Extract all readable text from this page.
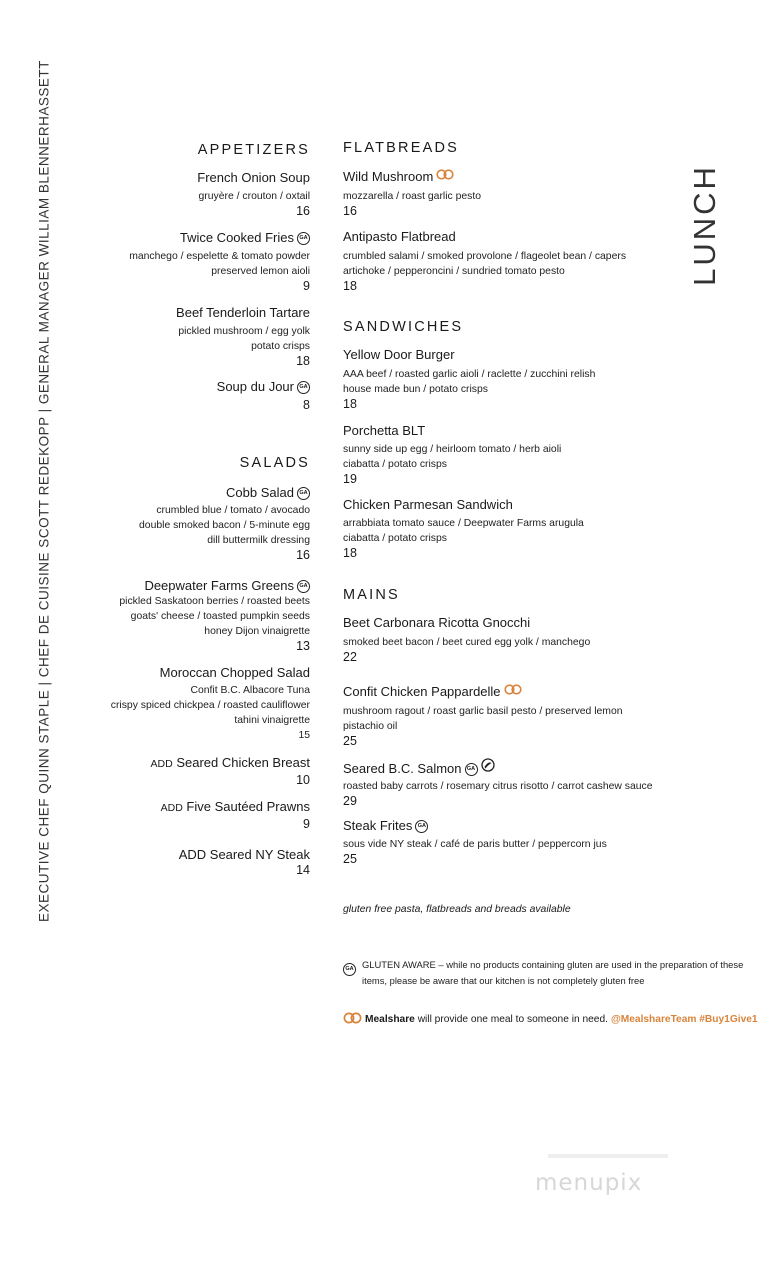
EXECUTIVE CHEF QUINN STAPLE | CHEF DE CUISINE SCOTT REDEKOPP | GENERAL MANAGER WILLIAM BLENNERHASSETT	LUNCH
APPETIZERS
French Onion Soup
gruyère / crouton / oxtail
16
Twice Cooked Fries GA
manchego / espelette & tomato powder
preserved lemon aioli
9
Beef Tenderloin Tartare
pickled mushroom / egg yolk
potato crisps
18
Soup du Jour GA
8
SALADS
Cobb Salad GA
crumbled blue / tomato / avocado
double smoked bacon / 5-minute egg
dill buttermilk dressing
16
Deepwater Farms Greens GA
pickled Saskatoon berries / roasted beets
goats' cheese / toasted pumpkin seeds
honey Dijon vinaigrette
13
Moroccan Chopped Salad
Confit B.C. Albacore Tuna
crispy spiced chickpea / roasted cauliflower
tahini vinaigrette
15
ADD Seared Chicken Breast
10
ADD Five Sautéed Prawns
9
ADD Seared NY Steak
14
FLATBREADS
Wild Mushroom
mozzarella / roast garlic pesto
16
Antipasto Flatbread
crumbled salami / smoked provolone / flageolet bean / capers
artichoke / pepperoncini / sundried tomato pesto
18
SANDWICHES
Yellow Door Burger
AAA beef / roasted garlic aioli / raclette / zucchini relish
house made bun / potato crisps
18
Porchetta BLT
sunny side up egg / heirloom tomato / herb aioli
ciabatta / potato crisps
19
Chicken Parmesan Sandwich
arrabbiata tomato sauce / Deepwater Farms arugula
ciabatta / potato crisps
18
MAINS
Beet Carbonara Ricotta Gnocchi
smoked beet bacon / beet cured egg yolk / manchego
22
Confit Chicken Pappardelle
mushroom ragout / roast garlic basil pesto / preserved lemon
pistachio oil
25
Seared B.C. Salmon GA
roasted baby carrots / rosemary citrus risotto / carrot cashew sauce
29
Steak Frites GA
sous vide NY steak / café de paris butter / peppercorn jus
25
gluten free pasta, flatbreads and breads available
GA GLUTEN AWARE – while no products containing gluten are used in the preparation of these
items, please be aware that our kitchen is not completely gluten free
Mealshare will provide one meal to someone in need. @MealshareTeam #Buy1Give1
menupix
